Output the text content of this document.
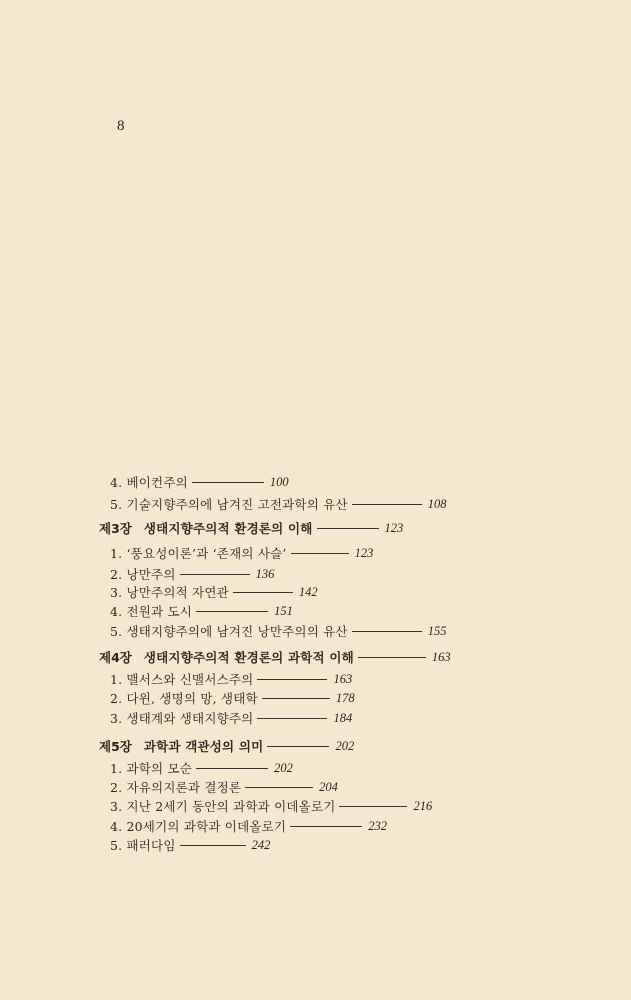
8
4. 베이컨주의	100
5. 기술지향주의에 남겨진 고전과학의 유산	108
제3장 생태지향주의적 환경론의 이해	123
1. ‘풍요성이론’과 ‘존재의 사슬’	123
2. 낭만주의	136
3. 낭만주의적 자연관	142
4. 전원과 도시	151
5. 생태지향주의에 남겨진 낭만주의의 유산	155
제4장 생태지향주의적 환경론의 과학적 이해	163
1. 맬서스와 신맬서스주의	163
2. 다윈, 생명의 망, 생태학	178
3. 생태계와 생태지향주의	184
제5장 과학과 객관성의 의미	202
1. 과학의 모순	202
2. 자유의지론과 결정론	204
3. 지난 2세기 동안의 과학과 이데올로기	216
4. 20세기의 과학과 이데올로기	232
5. 패러다임	242
